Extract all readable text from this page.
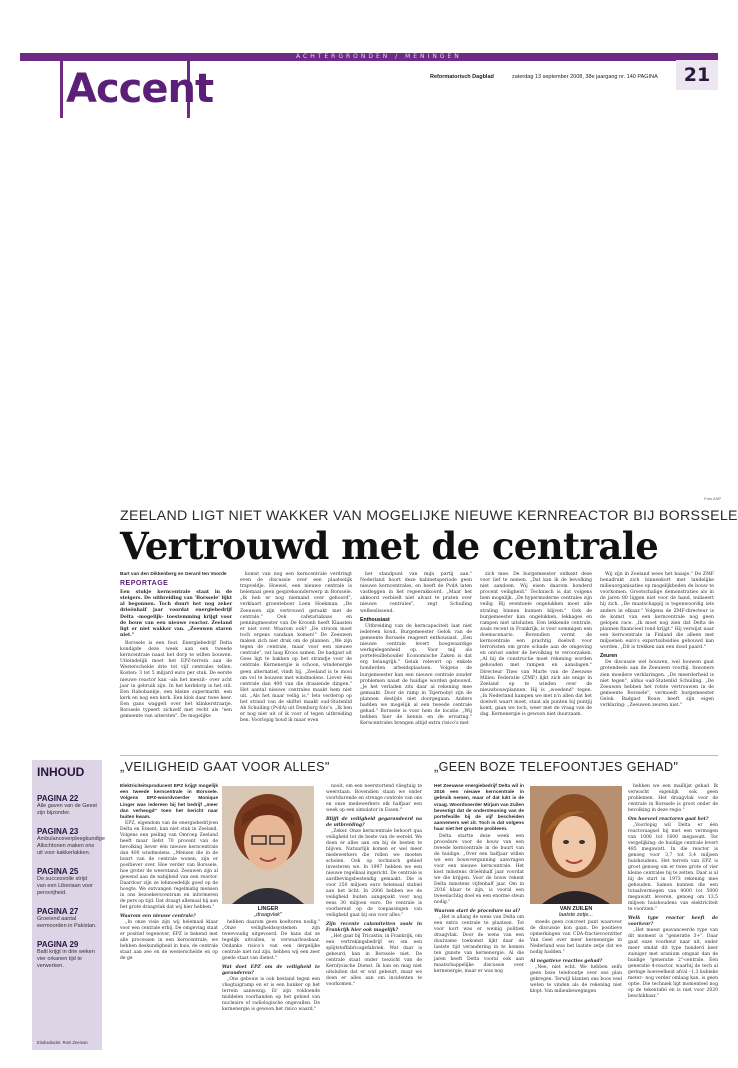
ACHTERGRONDEN / MENINGEN
Accent	Reformatorisch Dagblad	zaterdag 13 september 2008, 38e jaargang nr. 140 PAGINA	21
Foto ANP
ZEELAND LIGT NIET WAKKER VAN MOGELIJKE NIEUWE KERNREACTOR BIJ BORSSELE
Vertrouwd met de centrale
Bart van den Dikkenberg en Gerard ten Voorde
REPORTAGE
Een stukje kerncentrale staat in de steigers. De uitbreiding van 'Borssele' lijkt al begonnen. Toch duurt het nog zeker drieënhalf jaar voordat energiebedrijf Delta –mogelijk– toestemming krijgt voor de bouw van een nieuwe reactor. Zeeland ligt er niet wakker van. „Zeeuwen staren niet."

Borssele is een fout. Energiebedrijf Delta kondigde deze week aan een tweede kerncentrale naast het dorp te willen bouwen. Uiteindelijk moet het EPZ-terrein aan de Westerschelde drie tot vijf centrales tellen. Kosten: 3 tot 5 miljard euro per stuk. De eerste nieuwe reactor kan –als het meezit– over acht jaar in gebruik zijn. In het kerkdorp is het stil. Een Rabobankje, een kleine supermarkt, een kerk en nog een kerk. Een klok daar twee keer. Een gans waggelt over het klinkerstraatje. Borssele typeert zichzelf met recht als "een gemeente van uitersten". De mogelijke

komst van nog een kerncentrale verdringt even de discussie over een plaatselijk trapveldje. Hoewel, een nieuwe centrale is helemaal geen gespreksonderwerp in Borssele. „Ik heb er nog niemand over gehoord", verklaart groenteboer Leen Hoekman. „De Zeeuwen zijn vertrouwd geraakt met de centrale." Ook cafetariabaas en penningmeester van De Kroonh heeft Klaasten er niet over. Waarom ook? „De stroom moet toch ergens vandaan komen!" De Zeeuwen maken zich niet druk om de plannen. „We zijn tegen de centrale, maar voor een nieuwe centrale", vat laag Kroos samen. De badgast uit Goes ligt te bakken op het strandje voor de centrale. Kernenergie is schoon, windenergie geen alternatief, vindt hij. „Zeeland is te mooi om vol te bouwen met windmolens. Liever één centrale dan 400 van die draaiende dingen." Het aantal nieuwe centrales maakt hem niet uit. „Als het maar veilig is." Iets verderop op het strand van de skiftet maakt oud-Statenlid Ab Schuiling (PvdA) uit Domburg foto's. „Ik ben er nog niet uit of ik voor of tegen uitbreiding ben. Voorlopig houd ik maar even

het standpunt van mijn partij aan." Nederland hoort deze kabinetsperiode geen nieuwe kerncentrales, en heeft de PvdA laten vastleggen in het regeerakkoord. „Maar het akkoord verbiedt niet alvast te praten over nieuwe centrales", zegt Schuiling welbeslissend.

Enthousiast

Uitbreiding van de kerncapaciteit laat niet iedereen koud. Burgemeester Gelok van de gemeente Borssele reageert enthousiast. „Een nieuwe centrale levert hoogwaardige werkgelegenheid op. Voor mij als portefeuillehouder Economische Zaken is dat erg belangrijk." Geluk relevert op enkele honderden arbeidsplaatsen. Volgens de burgemeester kan een nieuwe centrale zonder problemen naast de huidige worden gebouwd. „Je het verladen zits daar al rekening mee gemaakt. Door de ramp in Tsjernobyl zijn de plannen destijds niet doorgegaan. Anders hadden we mogelijk al een tweede centrale gehad." Borssele is voor hem de locatie. „Wij hebben hier de kennis en de ervaring." Kerncentrales brengen altijd extra risico's met

zich mee. De burgemeester ontkent deze voor lief te nemen. „Dat kan ik de bevolking niet aandoen. Wij eisen daarom honderd procent veiligheid." Technisch is dat volgens hem mogelijk. „De hypermoderne centrales zijn veilig. Bij eventuele ongelukken moet alle straling binnen kunnen blijven." Ook de burgemeester kan ongelukken, lekkages en rampen niet uitsluiten. Een lekkende centrale, zoals recent in Frankrijk, is voor sommigen een doemscenario. Bovendien vormt de kerncentrale een prachtig doelwit voor terroristen om grote schade aan de omgeving en onrust onder de bevolking te veroorzaken. „Al bij de constructie moet rekening worden gehouden met rampen en aanslagen." Directeur Theo van Marle van de Zeeuwse Milieu Federatie (ZMF) lijkt zich als enige in Zeeland op te winden over de nieuwbouwplannen. Hij is „woedend" tegen. „In Nederland kampen we met n'n allen dat het doelwit waart moet, staat als punten bij puntjij komt, gaan we toch, weer met de vraag van de dag. Kernenergie is gewoon niet duurzaam.

Wij zijn in Zeeland wees het baasje." De ZMF benadrukt zich binnenkort met landelijke milieuorganisaties op mogelijkheden de bouw te voorkomen. Grootschalige demonstraties als in de jaren 80 liggen niet voor de hand, nuliseert hij zich. „De maatschappij is tegenwoordig iets anders in elkaar." Volgens de ZMF-directeur is de komst van een kerncentrale nog geen gelopen race. „Ik moet nog zien dat Delta de plannen financieel rond krijgt." Hij verwijst naar een kerncentrale in Finland die alleen met miljoenen euro's exportsubsidies gebouwd kan worden. „Dit is trekken aan een dood paard."

Zeuren

De discussie wel bouwen, wel bouwen gaat grotendeels aan de Zeeuwen voorbij. Inwoners zien moeilere verklaringen. „De meerderheid is niet tegen", aldus oud-Statenlid Schuiling. „De Zeeuwen hebben het rotste vertrouwen in de gemeente Borssele", vermoedt burgemeester Gelok. Badgast Rouw heeft zijn eigen verklaring: „Zeeuwen zeuren niet."

INHOUD
PAGINA 22
Alle gaven van de Geest zijn bijzonder.
PAGINA 23
Ambulanceverpleegkundige Allochtonen maken ons uit voor kakkerlakken.
PAGINA 25
De succesvolle strijd van een Liberiaan voor persvrijheid.
PAGINA 27
Groeiend aantal eermoorden in Pakistan.
PAGINA 29
Balti krijgt in drie weken vier orkanen tijd te verwerken.
Eindredactie: Roni Zeeman
„VEILIGHEID GAAT VOOR ALLES"
Elektriciteitsproducent EPZ krijgt mogelijk een tweede kerncentrale in Borssele. Volgens EPZ-woordvoerder Monique Linger was iedereen bij het bedrijf „meer dan verheugd" toen het bericht naar buiten kwam.

EPZ, eigendom van de energiebedrijven Delta en Essent, kan niet stuk in Zeeland. Volgens een peiling van Omroep Zeeland heeft maar liefst 70 procent van de bevolking liever één nieuwe kerncentrale dan 400 windmolens. „Mensen die in de buurt van de centrale wonen, zijn er positiever over. Hoe verder van Borssele, hoe groter de weerstand. Zeeuwen zijn al gewend aan de nabijheid van een reactor. Daardoor zijn ze lehmoedelijk goed op de hoogte. We ontvangen regelmatig mensen in ons bezoekerscentrum en informeren de pers op tijd. Dat draagt allemaal bij aan het grote draagvlak dat wij hier hebben."

Waarom een nieuwe centrale?

„In onze visie zijn wij helemaal klaar voor een centrale erbij. De omgeving staat er positief tegenover, EPZ is bekend met alle processen in een kerncentrale, we hebben deskundigheid in huis, de centrale staat aan zee en de westerschelde en op de ge

LINGER
„draagvlak"

hebben daarom geen koeltoren nodig." „Onze veiligheidssystemen zijn tweevoudig uitgevoerd. De kans dat ze tegelijk uitvallen, is verwaarloosbaar. Ondanks risico’s van een dergelijke centrale niet nul zijn, hebben wij een zeer goede staat van dienst."

Wat doet EPZ om de veiligheid te garanderen?

„Ons gebouw is ook bestand tegen een vliegtuigramp en er is een bunker op het terrein aanwezig. Er zijn voldoende middelen voorhanden op het gebied van nucleaire of radiologische ongevallen. De kernenergie is gewoon het risico waard."

nooit, om een neerstortend vliegtuig te weerstaan. Bovendien staan we onder voortdurende en strenge controle van ons en onze medewerkers elk halfjaar een week op een simulator in Essen."

Blijft de veiligheid gegarandeerd na de uitbreiding?

„Zeker. Onze kerncentrale behoort qua veiligheid tot de beste van de wereld. We doen er alles aan om bij de besten te blijven. Natuurlijk komen er wel meer medewerkers die rollen we moeten scholen. Ook op technisch gebied investeren we. In 1997 hebben we een nieuwe regelkaal ingericht. De centrale is aardbevingsbestendig gemaakt. Die is voor 250 miljoen euro helemaal stabiel aan het licht. In 2006 hebben we de veiligheid buiten aangepakt voor nog eens 30 miljoen euro. De centrale is voorbereid op de toepassingen van veiligheid gaat bij ons voor alles."

Zijn recente calamiteiten zoals in Frankrijk hier ook mogelijk?

„Het gaat bij Tricastin, in Frankrijk, om een vertrekingsbedrijf en om een splijtstoffabricagefabriek. Wat daar is gebeurd, kan in Borssele niet. De centrale staat onder toezicht van de Kernfysische Dienst. Ik kan en mag niet uitsluiten dat er wat gebeurt, maar we doen er alles aan om incidenten te voorkomen."

„GEEN BOZE TELEFOONTJES GEHAD"
Het Zeeuwse energiebedrijf Delta wil in 2016 een nieuwe kerncentrale in gebruik nemen, maar of dat lukt is de vraag. Woordvoerder Mirjam van Zuilen bevestigt dat de ondersteuning van de portefeuille bij de vijf bescheiden aannemers wel zit. Toch is dat volgens haar niet het grootste probleem.

Delta startte deze week een procedure voor de bouw van een tweede kerncentrale in de buurt van de huidige. „Over een halfjaar willen we een bouwvergunning aanvragen voor een nieuwe kerncentrale. Het kost minstens drieënhalf jaar voordat we die krijgen. Voor de bouw rekent Delta minstens vijfenhalf jaar. Om in 2016 klaar te zijn, is vooral een tweeslachtig doel en een enorme steun nodig."

Waarom start de procedure nu al?

„Het is allang de wens van Delta om een extra centrale te plaatsen. Tot voor kort was er weinig politiek draagvlak. Door de wens van een duurzame toekomst lijkt daar de laatste tijd verandering in te komen ten gunste van kernenergie. Al die jaren heeft Delta vooral ook aan maatschappelijke discussie over kernenergie, maar er was nog

VAN ZUILEN
laatste zetje...

steeds geen concreet punt waarover de discussie kon gaan. De positieve opmerkingen van CDA-fractievoorzitter Van Geel over meer kernenergie in Nederland was het laatste zetje dat we nodig hadden."

Al negatieve reacties gehad?

„Nee, niet echt. We hebben zelfs geen boze telefoontje over ons plan gekregen. Terwijl klanten ons boos veel weten te vinden als de rekening niet klopt. Van milieubewegingen

hebben we een maillijst gehad. Ik verwacht eigenlijk ook geen problemen. Het draagvlak voor de centrale in Borssele is groot onder de bevolking in deze regio."

Om hoeveel reactoren gaat het?

„Voorlopig wil Delta er één reactoraagsel bij met een vermogen van 1000 tot 1600 megawatt. Ter vergelijking: de huidige centrale levert 485 megawatt. In die reactor is genoeg voor 3,7 tot 3,4 miljoen huishoudens. Het terrein van EPZ is groot genoeg om er twee grote of vier kleine centrales bij te zetten. Daar is al bij de start in 1973 rekening mee gehouden. Samen kunnen die een totaalvermogen van 4000 tot 5000 megawatt leveren, genoeg om 13,5 miljoen huishoudens van elektriciteit te voorzien."

Welk type reactor heeft de voorkeur?

„Het meest geavanceerde type van dit moment is "generatie 3+". Daar gaat onze voorkeur naar uit, onder meer omdat dit type honderd keer zuiniger met uranium omgaat dan de huidige "generatie 2"-centrale. Een generatie 4-reactor, waarbij de tech al geringe hoeveelheid afval –1,3 kubieke meter– nog verder omlaag kan, is geen optie. Die techniek ligt momenteel nog op de tekentafel en is niet voor 2020 beschikbaar."
